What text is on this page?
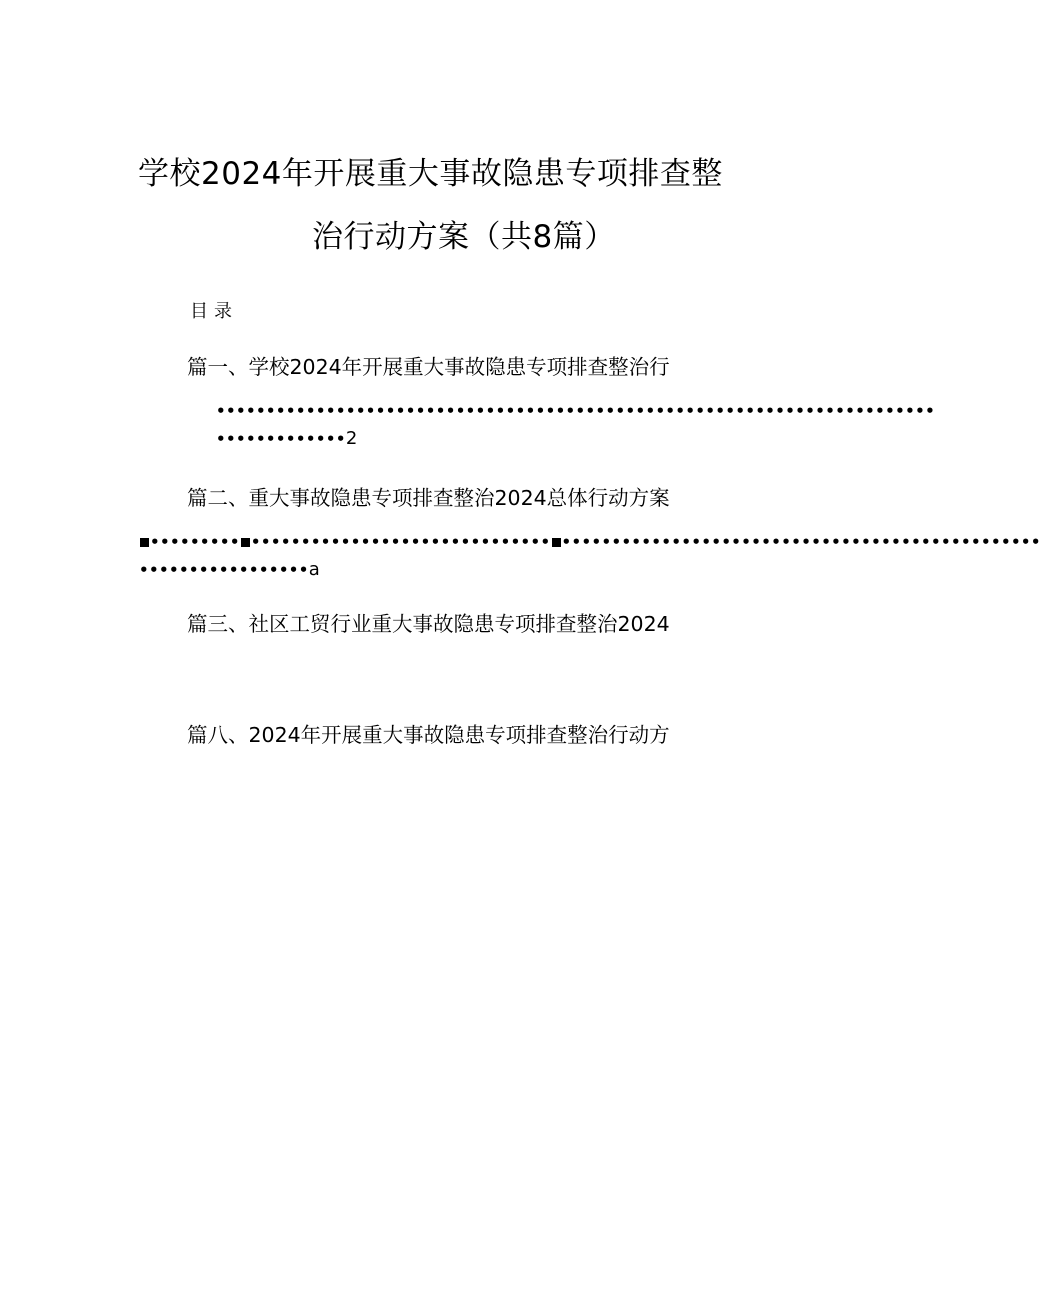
学校2024年开展重大事故隐患专项排查整
治行动方案（共8篇）
目录
篇一、学校2024年开展重大事故隐患专项排查整治行
••••••••••••••••••••••••••••••••••••••••••••••••••••••••••••••••••••••••
•••••••••••••2
篇二、重大事故隐患专项排查整治2024总体行动方案
••••••••• •••••••••••••••••••••••••••••• ••••••••••••••••••••••••••••••••••••••••••••••••
•••••••••••••••••a
篇三、社区工贸行业重大事故隐患专项排查整治2024
篇八、2024年开展重大事故隐患专项排查整治行动方
